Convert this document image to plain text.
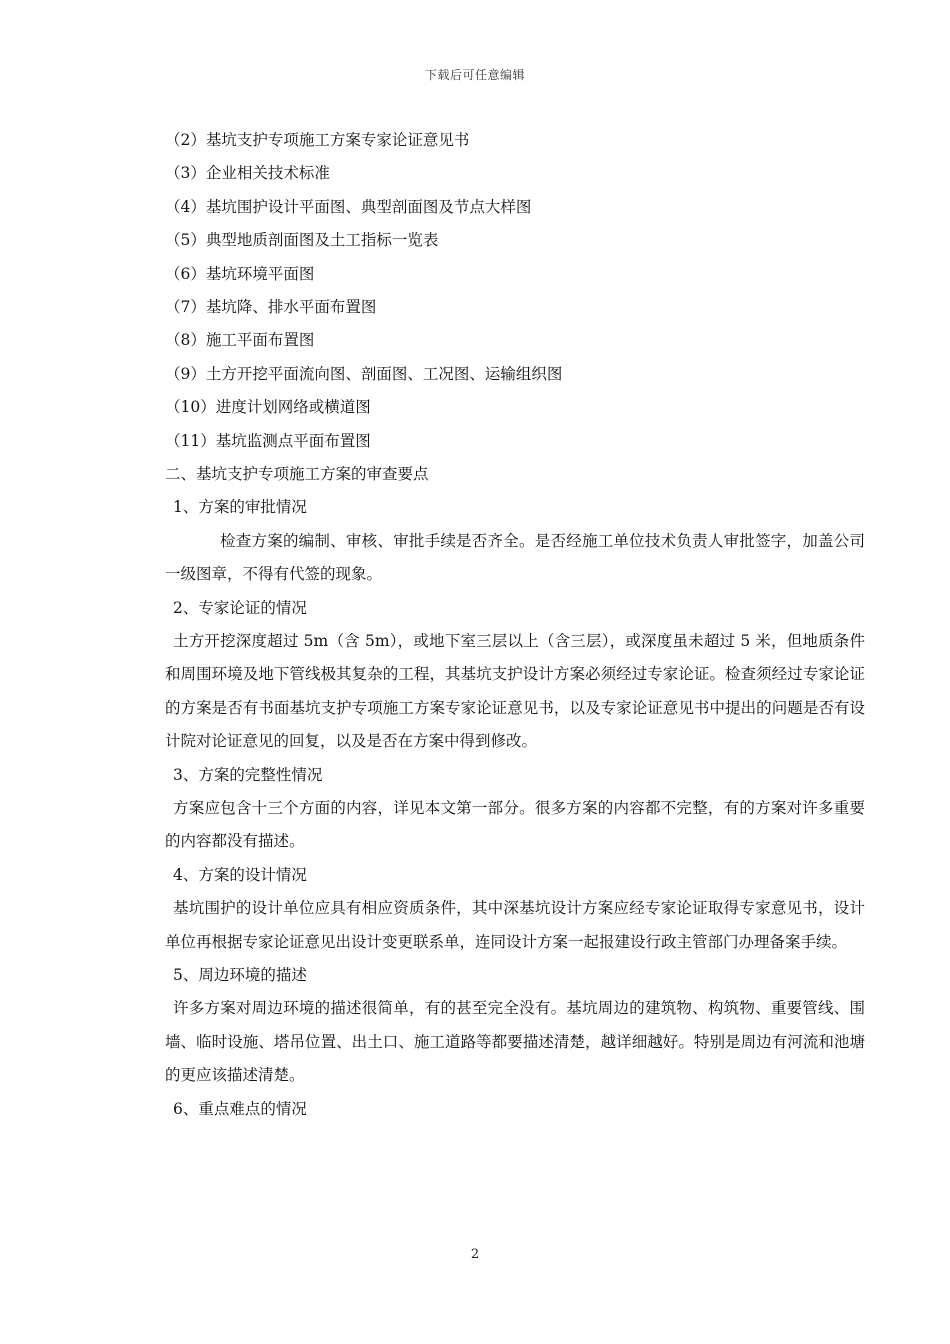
下载后可任意编辑

（2）基坑支护专项施工方案专家论证意见书

（3）企业相关技术标准

（4）基坑围护设计平面图、典型剖面图及节点大样图

（5）典型地质剖面图及土工指标一览表

（6）基坑环境平面图

（7）基坑降、排水平面布置图

（8）施工平面布置图

（9）土方开挖平面流向图、剖面图、工况图、运输组织图

（10）进度计划网络或横道图

（11）基坑监测点平面布置图

二、基坑支护专项施工方案的审查要点

1、方案的审批情况

检查方案的编制、审核、审批手续是否齐全。是否经施工单位技术负责人审批签字，加盖公司一级图章，不得有代签的现象。

2、专家论证的情况

土方开挖深度超过 5m（含 5m），或地下室三层以上（含三层），或深度虽未超过 5 米，但地质条件和周围环境及地下管线极其复杂的工程，其基坑支护设计方案必须经过专家论证。检查须经过专家论证的方案是否有书面基坑支护专项施工方案专家论证意见书，以及专家论证意见书中提出的问题是否有设计院对论证意见的回复，以及是否在方案中得到修改。

3、方案的完整性情况

方案应包含十三个方面的内容，详见本文第一部分。很多方案的内容都不完整，有的方案对许多重要的内容都没有描述。

4、方案的设计情况

基坑围护的设计单位应具有相应资质条件，其中深基坑设计方案应经专家论证取得专家意见书，设计单位再根据专家论证意见出设计变更联系单，连同设计方案一起报建设行政主管部门办理备案手续。

5、周边环境的描述

许多方案对周边环境的描述很简单，有的甚至完全没有。基坑周边的建筑物、构筑物、重要管线、围墙、临时设施、塔吊位置、出土口、施工道路等都要描述清楚，越详细越好。特别是周边有河流和池塘的更应该描述清楚。

6、重点难点的情况

2
